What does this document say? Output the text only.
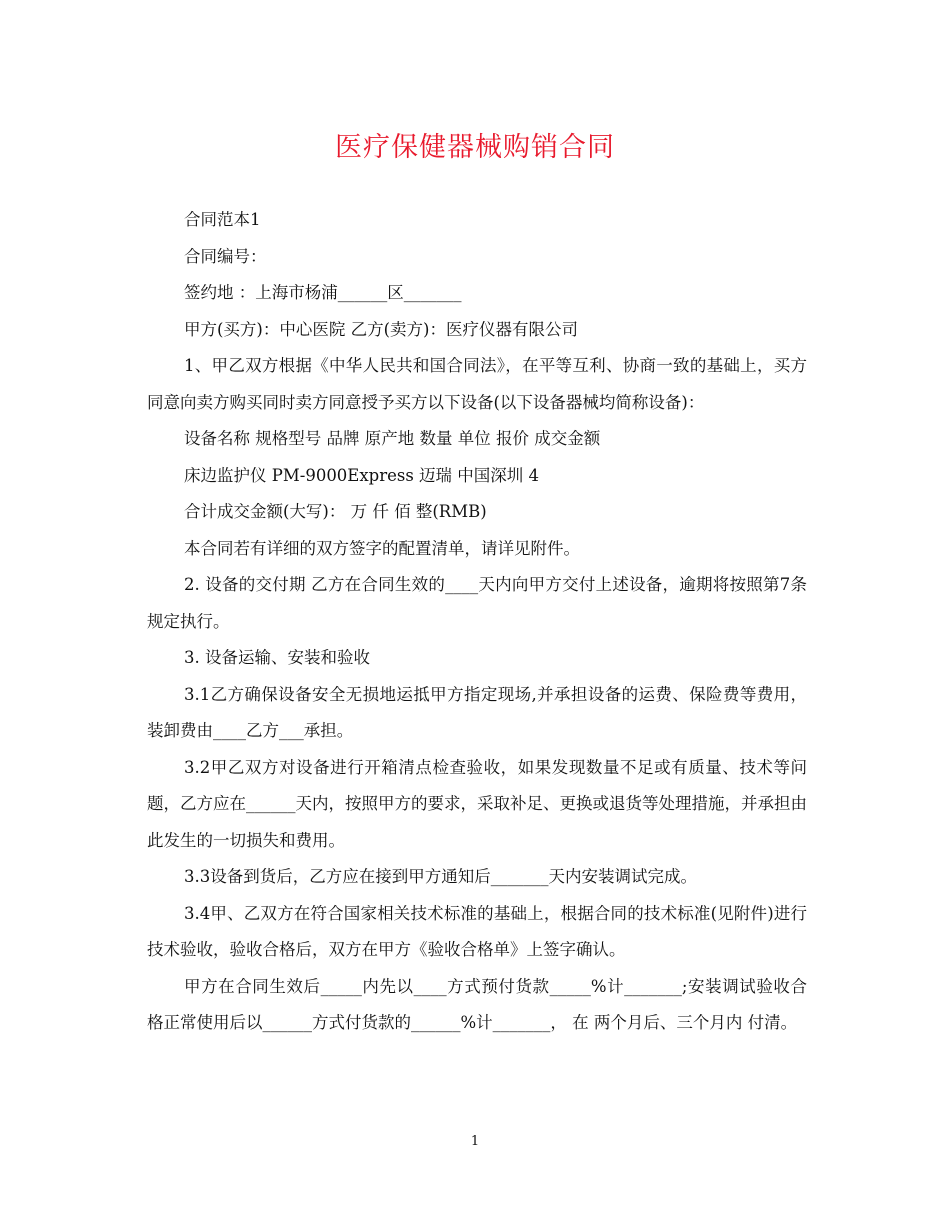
医疗保健器械购销合同

合同范本1

合同编号：

签约地 ：上海市杨浦______区_______

甲方(买方)：中心医院 乙方(卖方)：医疗仪器有限公司

1、甲乙双方根据《中华人民共和国合同法》，在平等互利、协商一致的基础上，买方同意向卖方购买同时卖方同意授予买方以下设备(以下设备器械均简称设备)：

设备名称 规格型号 品牌 原产地 数量 单位 报价 成交金额

床边监护仪 PM-9000Express 迈瑞 中国深圳 4

合计成交金额(大写)： 万 仟 佰 整(RMB)

本合同若有详细的双方签字的配置清单，请详见附件。

2. 设备的交付期 乙方在合同生效的____天内向甲方交付上述设备，逾期将按照第7条规定执行。

3. 设备运输、安装和验收

3.1乙方确保设备安全无损地运抵甲方指定现场,并承担设备的运费、保险费等费用，装卸费由____乙方___承担。

3.2甲乙双方对设备进行开箱清点检查验收，如果发现数量不足或有质量、技术等问题，乙方应在______天内，按照甲方的要求，采取补足、更换或退货等处理措施，并承担由此发生的一切损失和费用。

3.3设备到货后，乙方应在接到甲方通知后_______天内安装调试完成。

3.4甲、乙双方在符合国家相关技术标准的基础上，根据合同的技术标准(见附件)进行技术验收，验收合格后，双方在甲方《验收合格单》上签字确认。

甲方在合同生效后_____内先以____方式预付货款_____%计_______;安装调试验收合格正常使用后以______方式付货款的______%计_______， 在 两个月后、三个月内 付清。

1
